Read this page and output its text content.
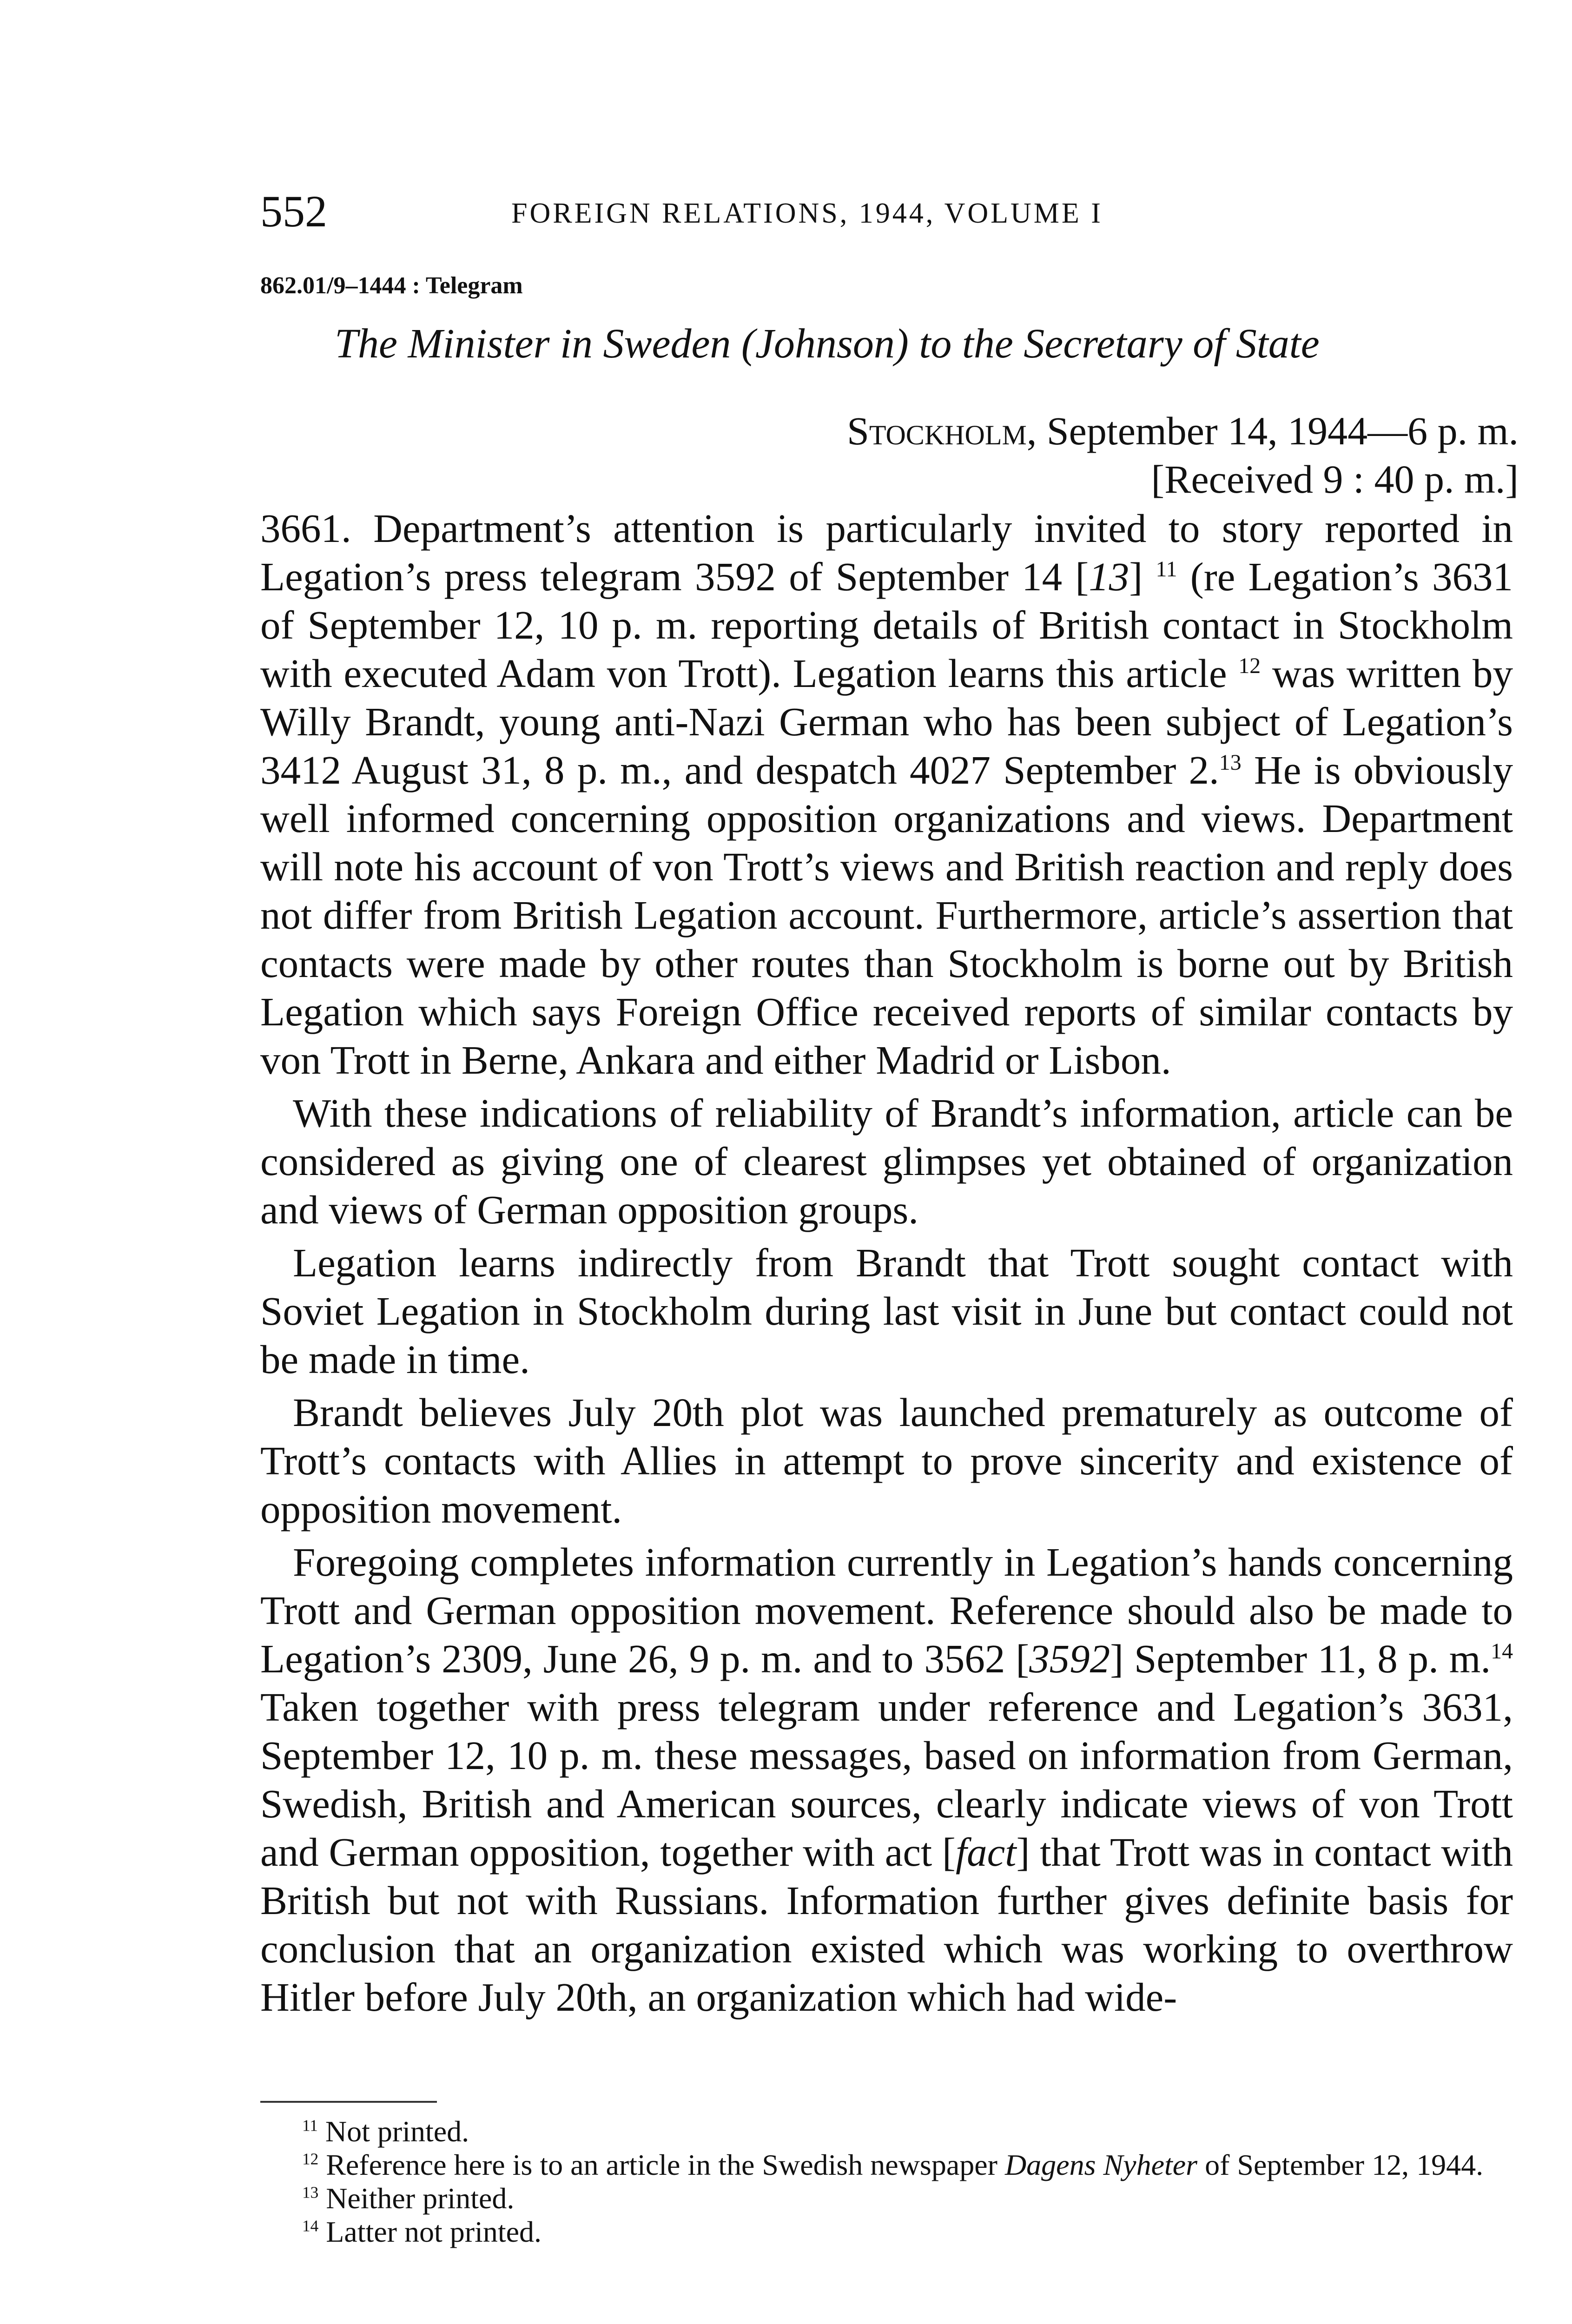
552	FOREIGN RELATIONS, 1944, VOLUME I
862.01/9–1444 : Telegram
The Minister in Sweden (Johnson) to the Secretary of State
Stockholm, September 14, 1944—6 p. m.
[Received 9 : 40 p. m.]

3661. Department’s attention is particularly invited to story reported in Legation’s press telegram 3592 of September 14 [13] $^{11}$ (re Legation’s 3631 of September 12, 10 p. m. reporting details of British contact in Stockholm with executed Adam von Trott). Legation learns this article $^{12}$ was written by Willy Brandt, young anti-Nazi German who has been subject of Legation’s 3412 August 31, 8 p. m., and despatch 4027 September 2.13 He is obviously well informed concerning opposition organizations and views. Department will note his account of von Trott’s views and British reaction and reply does not differ from British Legation account. Furthermore, article’s assertion that contacts were made by other routes than Stockholm is borne out by British Legation which says Foreign Office received reports of similar contacts by von Trott in Berne, Ankara and either Madrid or Lisbon.

With these indications of reliability of Brandt’s information, article can be considered as giving one of clearest glimpses yet obtained of organization and views of German opposition groups.

Legation learns indirectly from Brandt that Trott sought contact with Soviet Legation in Stockholm during last visit in June but contact could not be made in time.

Brandt believes July 20th plot was launched prematurely as outcome of Trott’s contacts with Allies in attempt to prove sincerity and existence of opposition movement.

Foregoing completes information currently in Legation’s hands concerning Trott and German opposition movement. Reference should also be made to Legation’s 2309, June 26, 9 p. m. and to 3562 [3592] September 11, 8 p. m.$^{14}$ Taken together with press telegram under reference and Legation’s 3631, September 12, 10 p. m. these messages, based on information from German, Swedish, British and American sources, clearly indicate views of von Trott and German opposition, together with act [fact] that Trott was in contact with British but not with Russians. Information further gives definite basis for conclusion that an organization existed which was working to overthrow Hitler before July 20th, an organization which had wide-

$^{11}$ Not printed.

$^{12}$ Reference here is to an article in the Swedish newspaper Dagens Nyheter of September 12, 1944.

$^{13}$ Neither printed.

$^{14}$ Latter not printed.
